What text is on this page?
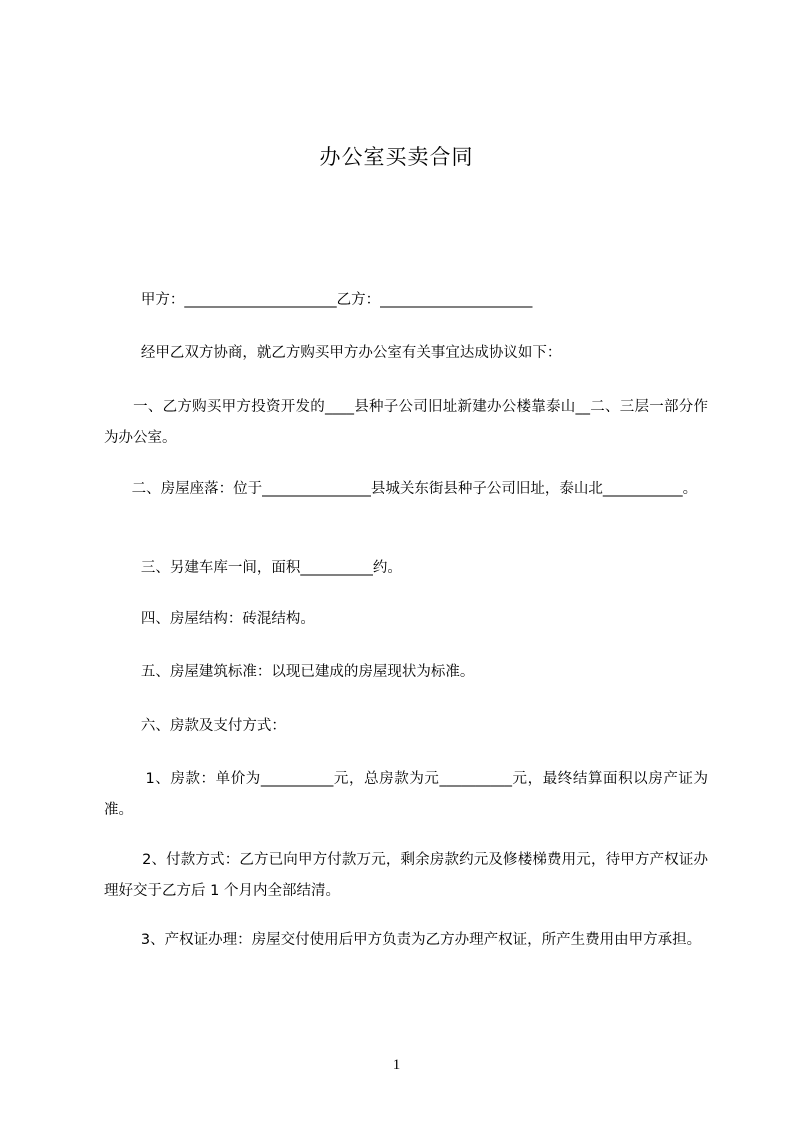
办公室买卖合同
甲方：_____________________乙方：_____________________
经甲乙双方协商，就乙方购买甲方办公室有关事宜达成协议如下：
一、乙方购买甲方投资开发的____县种子公司旧址新建办公楼靠泰山__二、三层一部分作为办公室。
二、房屋座落：位于_______________县城关东街县种子公司旧址，泰山北___________。
三、另建车库一间，面积__________约。
四、房屋结构：砖混结构。
五、房屋建筑标准：以现已建成的房屋现状为标准。
六、房款及支付方式：
1、房款：单价为__________元，总房款为元__________元，最终结算面积以房产证为准。
2、付款方式：乙方已向甲方付款万元，剩余房款约元及修楼梯费用元，待甲方产权证办理好交于乙方后 1 个月内全部结清。
3、产权证办理：房屋交付使用后甲方负责为乙方办理产权证，所产生费用由甲方承担。
1
